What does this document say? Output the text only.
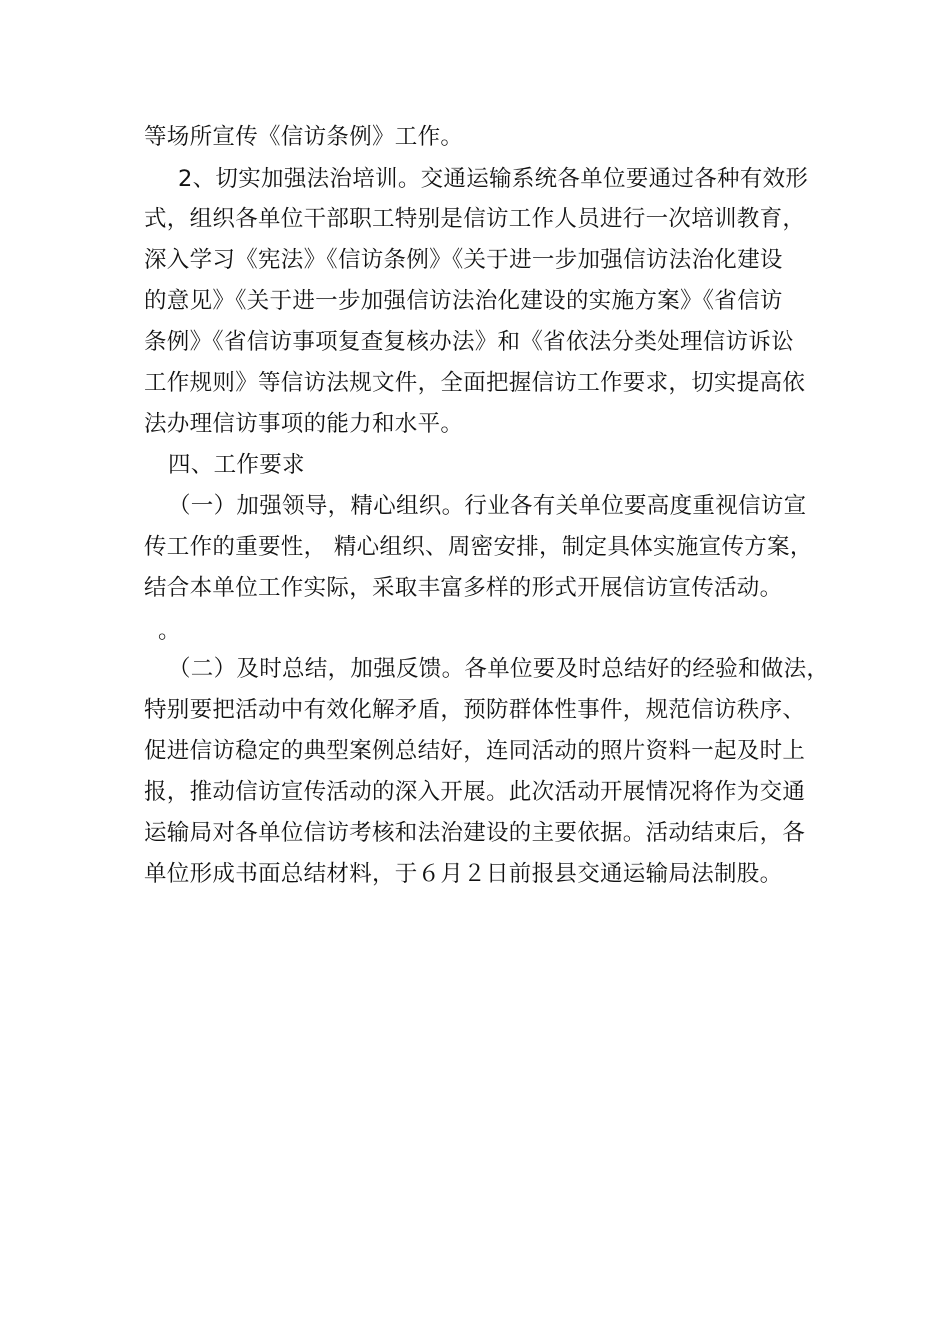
等场所宣传《信访条例》工作。
2、切实加强法治培训。交通运输系统各单位要通过各种有效形
式，组织各单位干部职工特别是信访工作人员进行一次培训教育，
深入学习《宪法》《信访条例》《关于进一步加强信访法治化建设
的意见》《关于进一步加强信访法治化建设的实施方案》《省信访
条例》《省信访事项复查复核办法》和《省依法分类处理信访诉讼
工作规则》等信访法规文件，全面把握信访工作要求，切实提高依
法办理信访事项的能力和水平。
四、工作要求
（一）加强领导，精心组织。行业各有关单位要高度重视信访宣
传工作的重要性， 精心组织、周密安排，制定具体实施宣传方案，
结合本单位工作实际，采取丰富多样的形式开展信访宣传活动。
。
（二）及时总结，加强反馈。各单位要及时总结好的经验和做法，
特别要把活动中有效化解矛盾，预防群体性事件，规范信访秩序、
促进信访稳定的典型案例总结好，连同活动的照片资料一起及时上
报，推动信访宣传活动的深入开展。此次活动开展情况将作为交通
运输局对各单位信访考核和法治建设的主要依据。活动结束后，各
单位形成书面总结材料，于６月２日前报县交通运输局法制股。
